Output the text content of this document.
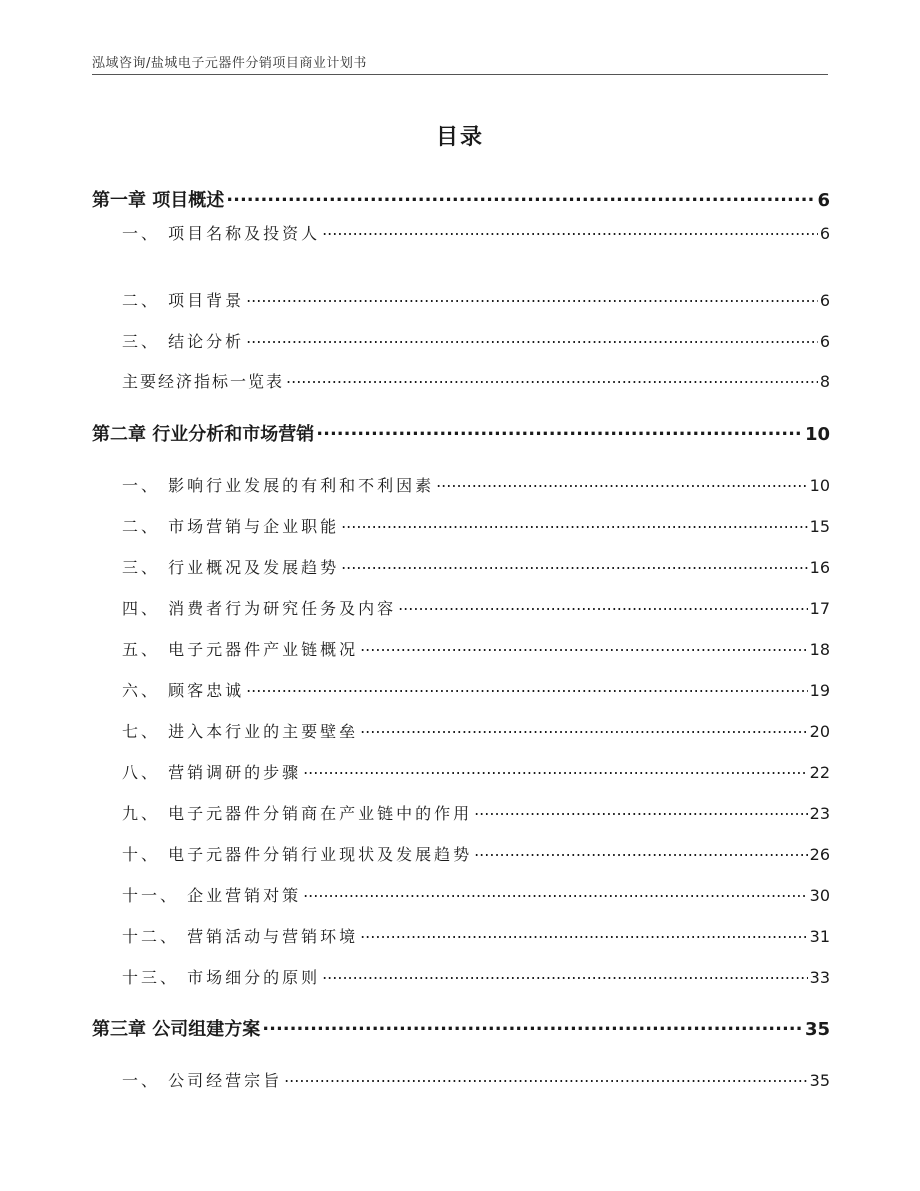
泓域咨询/盐城电子元器件分销项目商业计划书
目录
第一章 项目概述 .....	6
一、 项目名称及投资人 .....	6
二、 项目背景 .....	6
三、 结论分析 .....	6
主要经济指标一览表 .....	8
第二章 行业分析和市场营销 .....	10
一、 影响行业发展的有利和不利因素 .....	10
二、 市场营销与企业职能 .....	15
三、 行业概况及发展趋势 .....	16
四、 消费者行为研究任务及内容 .....	17
五、 电子元器件产业链概况 .....	18
六、 顾客忠诚 .....	19
七、 进入本行业的主要壁垒 .....	20
八、 营销调研的步骤 .....	22
九、 电子元器件分销商在产业链中的作用 .....	23
十、 电子元器件分销行业现状及发展趋势 .....	26
十一、 企业营销对策 .....	30
十二、 营销活动与营销环境 .....	31
十三、 市场细分的原则 .....	33
第三章 公司组建方案 .....	35
一、 公司经营宗旨 .....	35
